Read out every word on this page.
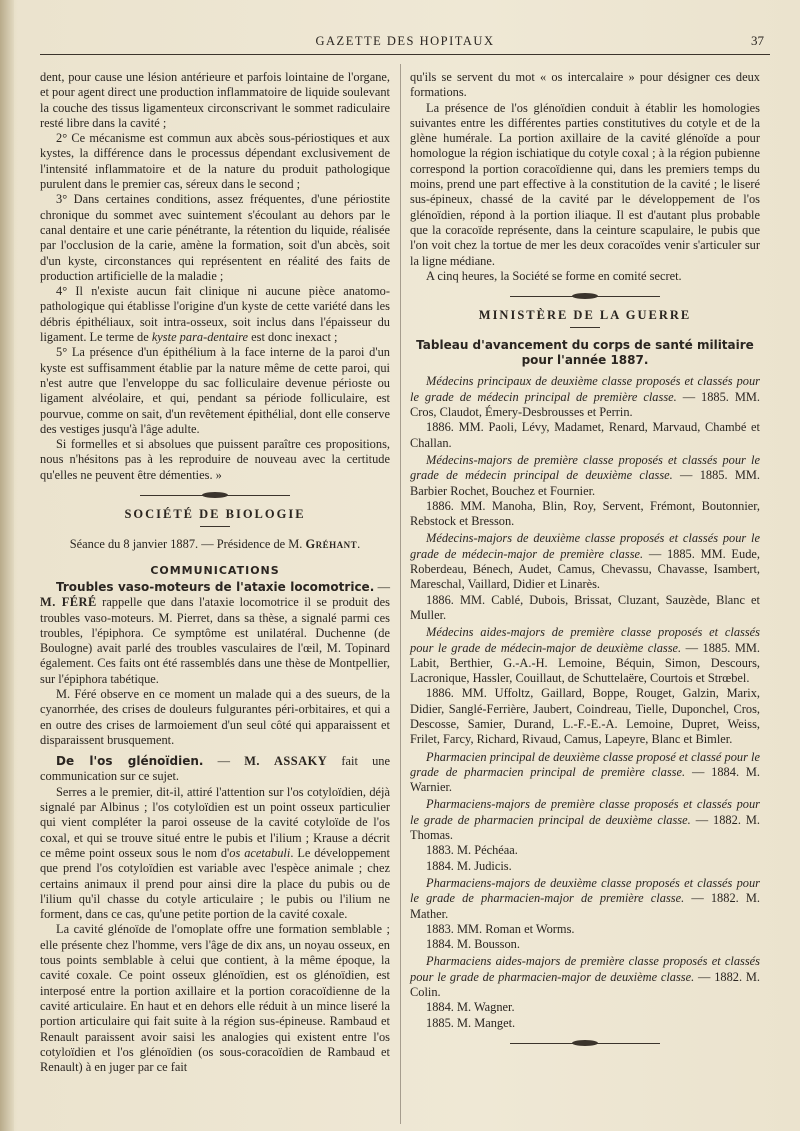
GAZETTE DES HOPITAUX	37

dent, pour cause une lésion antérieure et parfois lointaine de l'organe, et pour agent direct une production inflammatoire de liquide soulevant la couche des tissus ligamenteux circonscrivant le sommet radiculaire resté libre dans la cavité ;

2° Ce mécanisme est commun aux abcès sous-périostiques et aux kystes, la différence dans le processus dépendant exclusivement de l'intensité inflammatoire et de la nature du produit pathologique purulent dans le premier cas, séreux dans le second ;

3° Dans certaines conditions, assez fréquentes, d'une périostite chronique du sommet avec suintement s'écoulant au dehors par le canal dentaire et une carie pénétrante, la rétention du liquide, réalisée par l'occlusion de la carie, amène la formation, soit d'un abcès, soit d'un kyste, circonstances qui représentent en réalité des faits de production artificielle de la maladie ;

4° Il n'existe aucun fait clinique ni aucune pièce anatomo-pathologique qui établisse l'origine d'un kyste de cette variété dans les débris épithéliaux, soit intra-osseux, soit inclus dans l'épaisseur du ligament. Le terme de kyste para-dentaire est donc inexact ;

5° La présence d'un épithélium à la face interne de la paroi d'un kyste est suffisamment établie par la nature même de cette paroi, qui n'est autre que l'enveloppe du sac folliculaire devenue périoste ou ligament alvéolaire, et qui, pendant sa période folliculaire, est pourvue, comme on sait, d'un revêtement épithélial, dont elle conserve des vestiges jusqu'à l'âge adulte.

Si formelles et si absolues que puissent paraître ces propositions, nous n'hésitons pas à les reproduire de nouveau avec la certitude qu'elles ne peuvent être démenties. »

SOCIÉTÉ DE BIOLOGIE

Séance du 8 janvier 1887. — Présidence de M. Gréhant.

COMMUNICATIONS

Troubles vaso-moteurs de l'ataxie locomotrice. — M. FÉRÉ rappelle que dans l'ataxie locomotrice il se produit des troubles vaso-moteurs. M. Pierret, dans sa thèse, a signalé parmi ces troubles, l'épiphora. Ce symptôme est unilatéral. Duchenne (de Boulogne) avait parlé des troubles vasculaires de l'œil, M. Topinard également. Ces faits ont été rassemblés dans une thèse de Montpellier, sur l'épiphora tabétique.

M. Féré observe en ce moment un malade qui a des sueurs, de la cyanorrhée, des crises de douleurs fulgurantes péri-orbitaires, et qui a en outre des crises de larmoiement d'un seul côté qui apparaissent et disparaissent brusquement.

De l'os glénoïdien. — M. ASSAKY fait une communication sur ce sujet.

Serres a le premier, dit-il, attiré l'attention sur l'os cotyloïdien, déjà signalé par Albinus ; l'os cotyloïdien est un point osseux particulier qui vient compléter la paroi osseuse de la cavité cotyloïde de l'os coxal, et qui se trouve situé entre le pubis et l'ilium ; Krause a décrit ce même point osseux sous le nom d'os acetabuli. Le développement que prend l'os cotyloïdien est variable avec l'espèce animale ; chez certains animaux il prend pour ainsi dire la place du pubis ou de l'ilium qu'il chasse du cotyle articulaire ; le pubis ou l'ilium ne forment, dans ce cas, qu'une petite portion de la cavité coxale.

La cavité glénoïde de l'omoplate offre une formation semblable ; elle présente chez l'homme, vers l'âge de dix ans, un noyau osseux, en tous points semblable à celui que contient, à la même époque, la cavité coxale. Ce point osseux glénoïdien, est os glénoïdien, est interposé entre la portion axillaire et la portion coracoïdienne de la cavité articulaire. En haut et en dehors elle réduit à un mince liseré la portion articulaire qui fait suite à la région sus-épineuse. Rambaud et Renault paraissent avoir saisi les analogies qui existent entre l'os cotyloïdien et l'os glénoïdien (os sous-coracoïdien de Rambaud et Renault) à en juger par ce fait

qu'ils se servent du mot « os intercalaire » pour désigner ces deux formations.

La présence de l'os glénoïdien conduit à établir les homologies suivantes entre les différentes parties constitutives du cotyle et de la glène humérale. La portion axillaire de la cavité glénoïde a pour homologue la région ischiatique du cotyle coxal ; à la région pubienne correspond la portion coracoïdienne qui, dans les premiers temps du moins, prend une part effective à la constitution de la cavité ; le liseré sus-épineux, chassé de la cavité par le développement de l'os glénoïdien, répond à la portion iliaque. Il est d'autant plus probable que la coracoïde représente, dans la ceinture scapulaire, le pubis que l'on voit chez la tortue de mer les deux coracoïdes venir s'articuler sur la ligne médiane.

A cinq heures, la Société se forme en comité secret.

MINISTÈRE DE LA GUERRE
Tableau d'avancement du corps de santé militaire pour l'année 1887.

Médecins principaux de deuxième classe proposés et classés pour le grade de médecin principal de première classe. — 1885. MM. Cros, Claudot, Émery-Desbrousses et Perrin.

1886. MM. Paoli, Lévy, Madamet, Renard, Marvaud, Chambé et Challan.

Médecins-majors de première classe proposés et classés pour le grade de médecin principal de deuxième classe. — 1885. MM. Barbier Rochet, Bouchez et Fournier.

1886. MM. Manoha, Blin, Roy, Servent, Frémont, Boutonnier, Rebstock et Bresson.

Médecins-majors de deuxième classe proposés et classés pour le grade de médecin-major de première classe. — 1885. MM. Eude, Roberdeau, Bénech, Audet, Camus, Chevassu, Chavasse, Isambert, Mareschal, Vaillard, Didier et Linarès.

1886. MM. Cablé, Dubois, Brissat, Cluzant, Sauzède, Blanc et Muller.

Médecins aides-majors de première classe proposés et classés pour le grade de médecin-major de deuxième classe. — 1885. MM. Labit, Berthier, G.-A.-H. Lemoine, Béquin, Simon, Descours, Lacronique, Hassler, Couillaut, de Schuttelaëre, Courtois et Strœbel.

1886. MM. Uffoltz, Gaillard, Boppe, Rouget, Galzin, Marix, Didier, Sanglé-Ferrière, Jaubert, Coindreau, Tielle, Duponchel, Cros, Descosse, Samier, Durand, L.-F.-E.-A. Lemoine, Dupret, Weiss, Frilet, Farcy, Richard, Rivaud, Camus, Lapeyre, Blanc et Bimler.

Pharmacien principal de deuxième classe proposé et classé pour le grade de pharmacien principal de première classe. — 1884. M. Warnier.

Pharmaciens-majors de première classe proposés et classés pour le grade de pharmacien principal de deuxième classe. — 1882. M. Thomas.

1883. M. Péchéaa.

1884. M. Judicis.

Pharmaciens-majors de deuxième classe proposés et classés pour le grade de pharmacien-major de première classe. — 1882. M. Mather.

1883. MM. Roman et Worms.

1884. M. Bousson.

Pharmaciens aides-majors de première classe proposés et classés pour le grade de pharmacien-major de deuxième classe. — 1882. M. Colin.

1884. M. Wagner.

1885. M. Manget.
